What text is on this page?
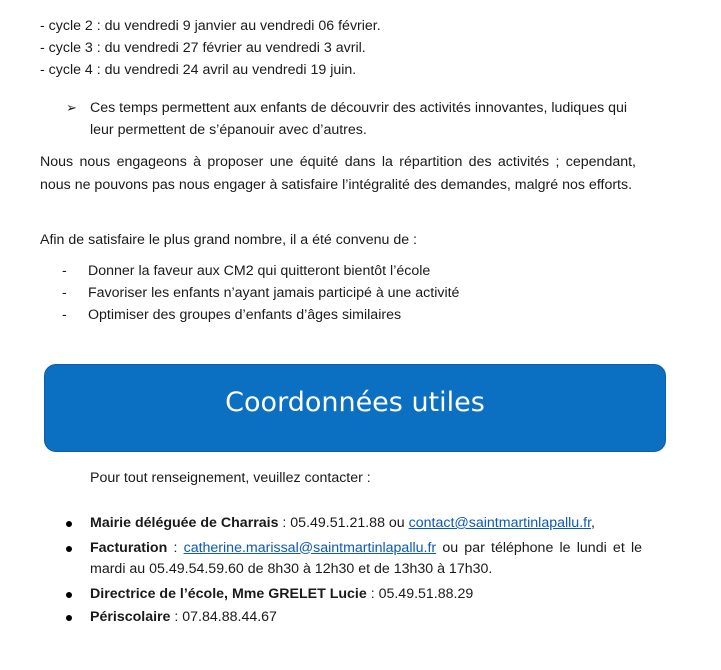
- cycle 2 : du vendredi 9 janvier au vendredi 06 février.
- cycle 3 : du vendredi 27 février au vendredi 3 avril.
- cycle 4 : du vendredi 24 avril au vendredi 19 juin.
➢ Ces temps permettent aux enfants de découvrir des activités innovantes, ludiques qui leur permettent de s’épanouir avec d’autres.
Nous nous engageons à proposer une équité dans la répartition des activités ; cependant, nous ne pouvons pas nous engager à satisfaire l’intégralité des demandes, malgré nos efforts.
Afin de satisfaire le plus grand nombre, il a été convenu de :
- Donner la faveur aux CM2 qui quitteront bientôt l’école
- Favoriser les enfants n’ayant jamais participé à une activité
- Optimiser des groupes d’enfants d’âges similaires
Coordonnées utiles
Pour tout renseignement, veuillez contacter :
Mairie déléguée de Charrais : 05.49.51.21.88 ou contact@saintmartinlapallu.fr,
Facturation : catherine.marissal@saintmartinlapallu.fr ou par téléphone le lundi et le mardi au 05.49.54.59.60 de 8h30 à 12h30 et de 13h30 à 17h30.
Directrice de l’école, Mme GRELET Lucie : 05.49.51.88.29
Périscolaire : 07.84.88.44.67
